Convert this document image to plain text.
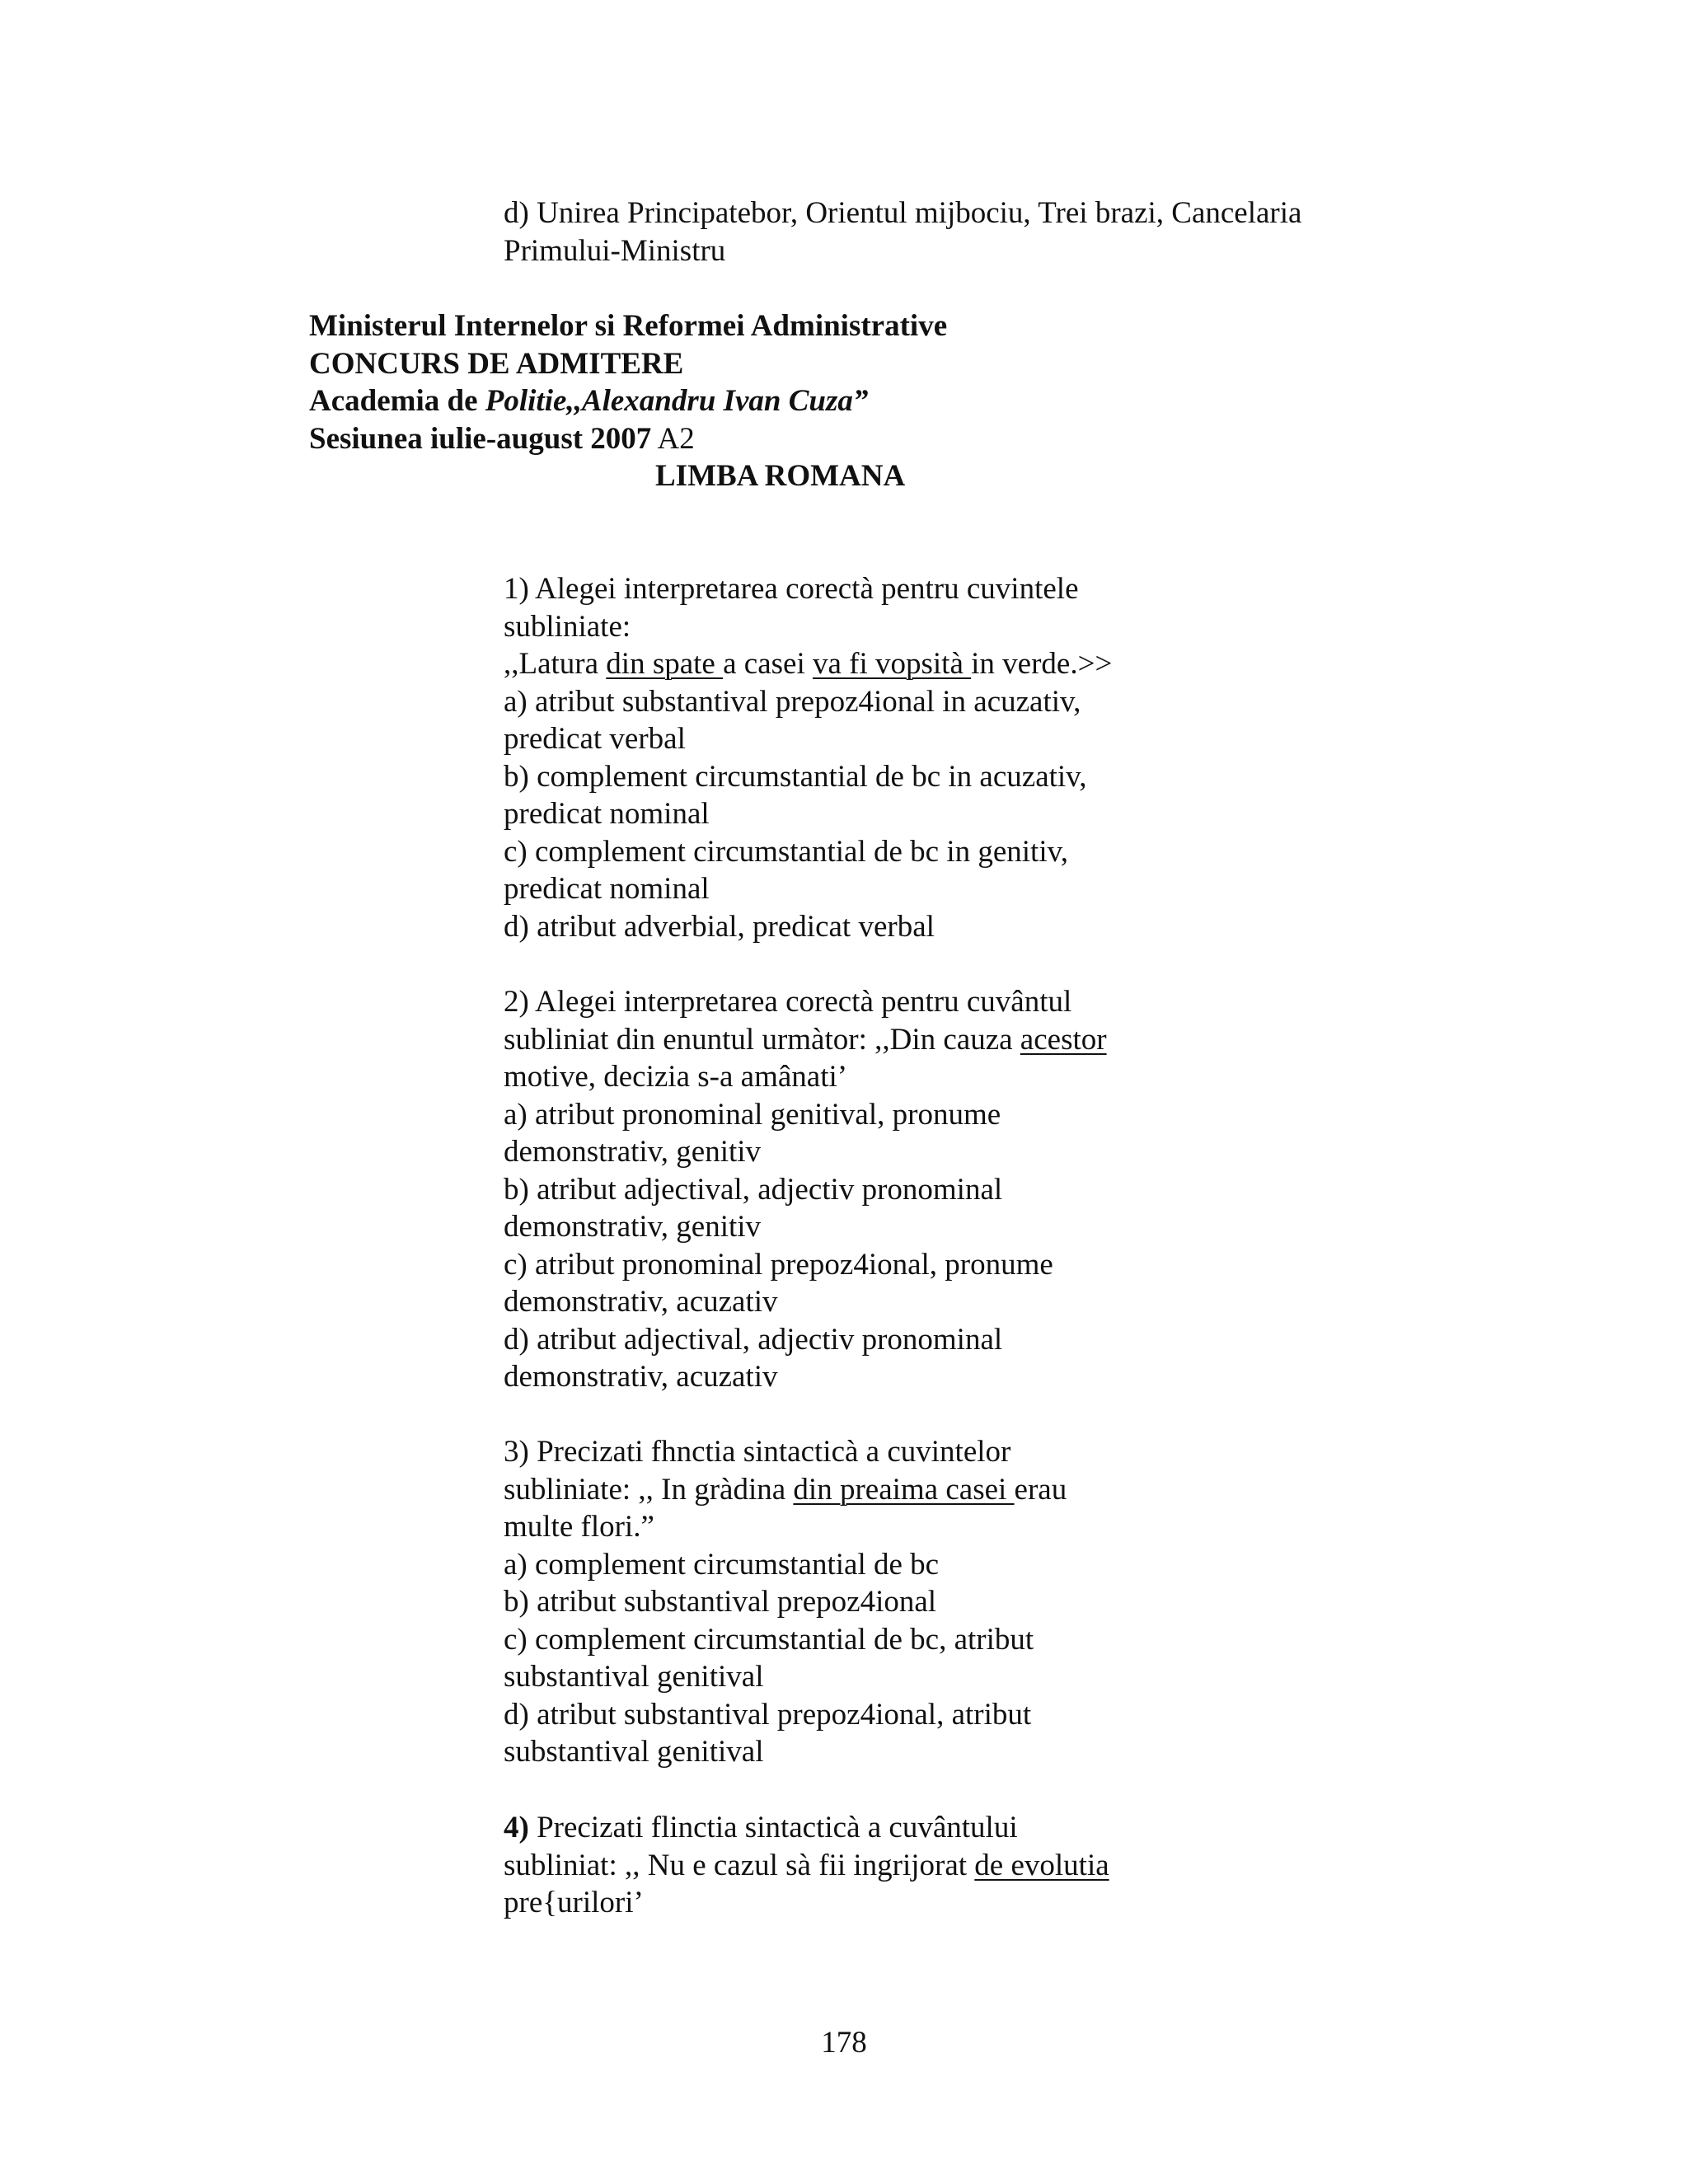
d) Unirea Principatebor, Orientul mijbociu, Trei brazi, Cancelaria
Primului-Ministru
Ministerul Internelor si Reformei Administrative
CONCURS DE ADMITERE
Academia de Politie,,Alexandru Ivan Cuza”
Sesiunea iulie-august 2007 A2
LIMBA ROMANA
1) Alegei interpretarea corectà pentru cuvintele
subliniate:
,,Latura din spate a casei va fi vopsità in verde.>>
a) atribut substantival prepoz4ional in acuzativ,
predicat verbal
b) complement circumstantial de bc in acuzativ,
predicat nominal
c) complement circumstantial de bc in genitiv,
predicat nominal
d) atribut adverbial, predicat verbal
2) Alegei interpretarea corectà pentru cuvântul
subliniat din enuntul urmàtor: ,,Din cauza acestor
motive, decizia s-a amânati’
a) atribut pronominal genitival, pronume
demonstrativ, genitiv
b) atribut adjectival, adjectiv pronominal
demonstrativ, genitiv
c) atribut pronominal prepoz4ional, pronume
demonstrativ, acuzativ
d) atribut adjectival, adjectiv pronominal
demonstrativ, acuzativ
3) Precizati fhnctia sintacticà a cuvintelor
subliniate: ,, In gràdina din preaima casei erau
multe flori.”
a) complement circumstantial de bc
b) atribut substantival prepoz4ional
c) complement circumstantial de bc, atribut
substantival genitival
d) atribut substantival prepoz4ional, atribut
substantival genitival
4) Precizati flinctia sintacticà a cuvântului
subliniat: ,, Nu e cazul sà fii ingrijorat de evolutia
pre{urilori’
178
